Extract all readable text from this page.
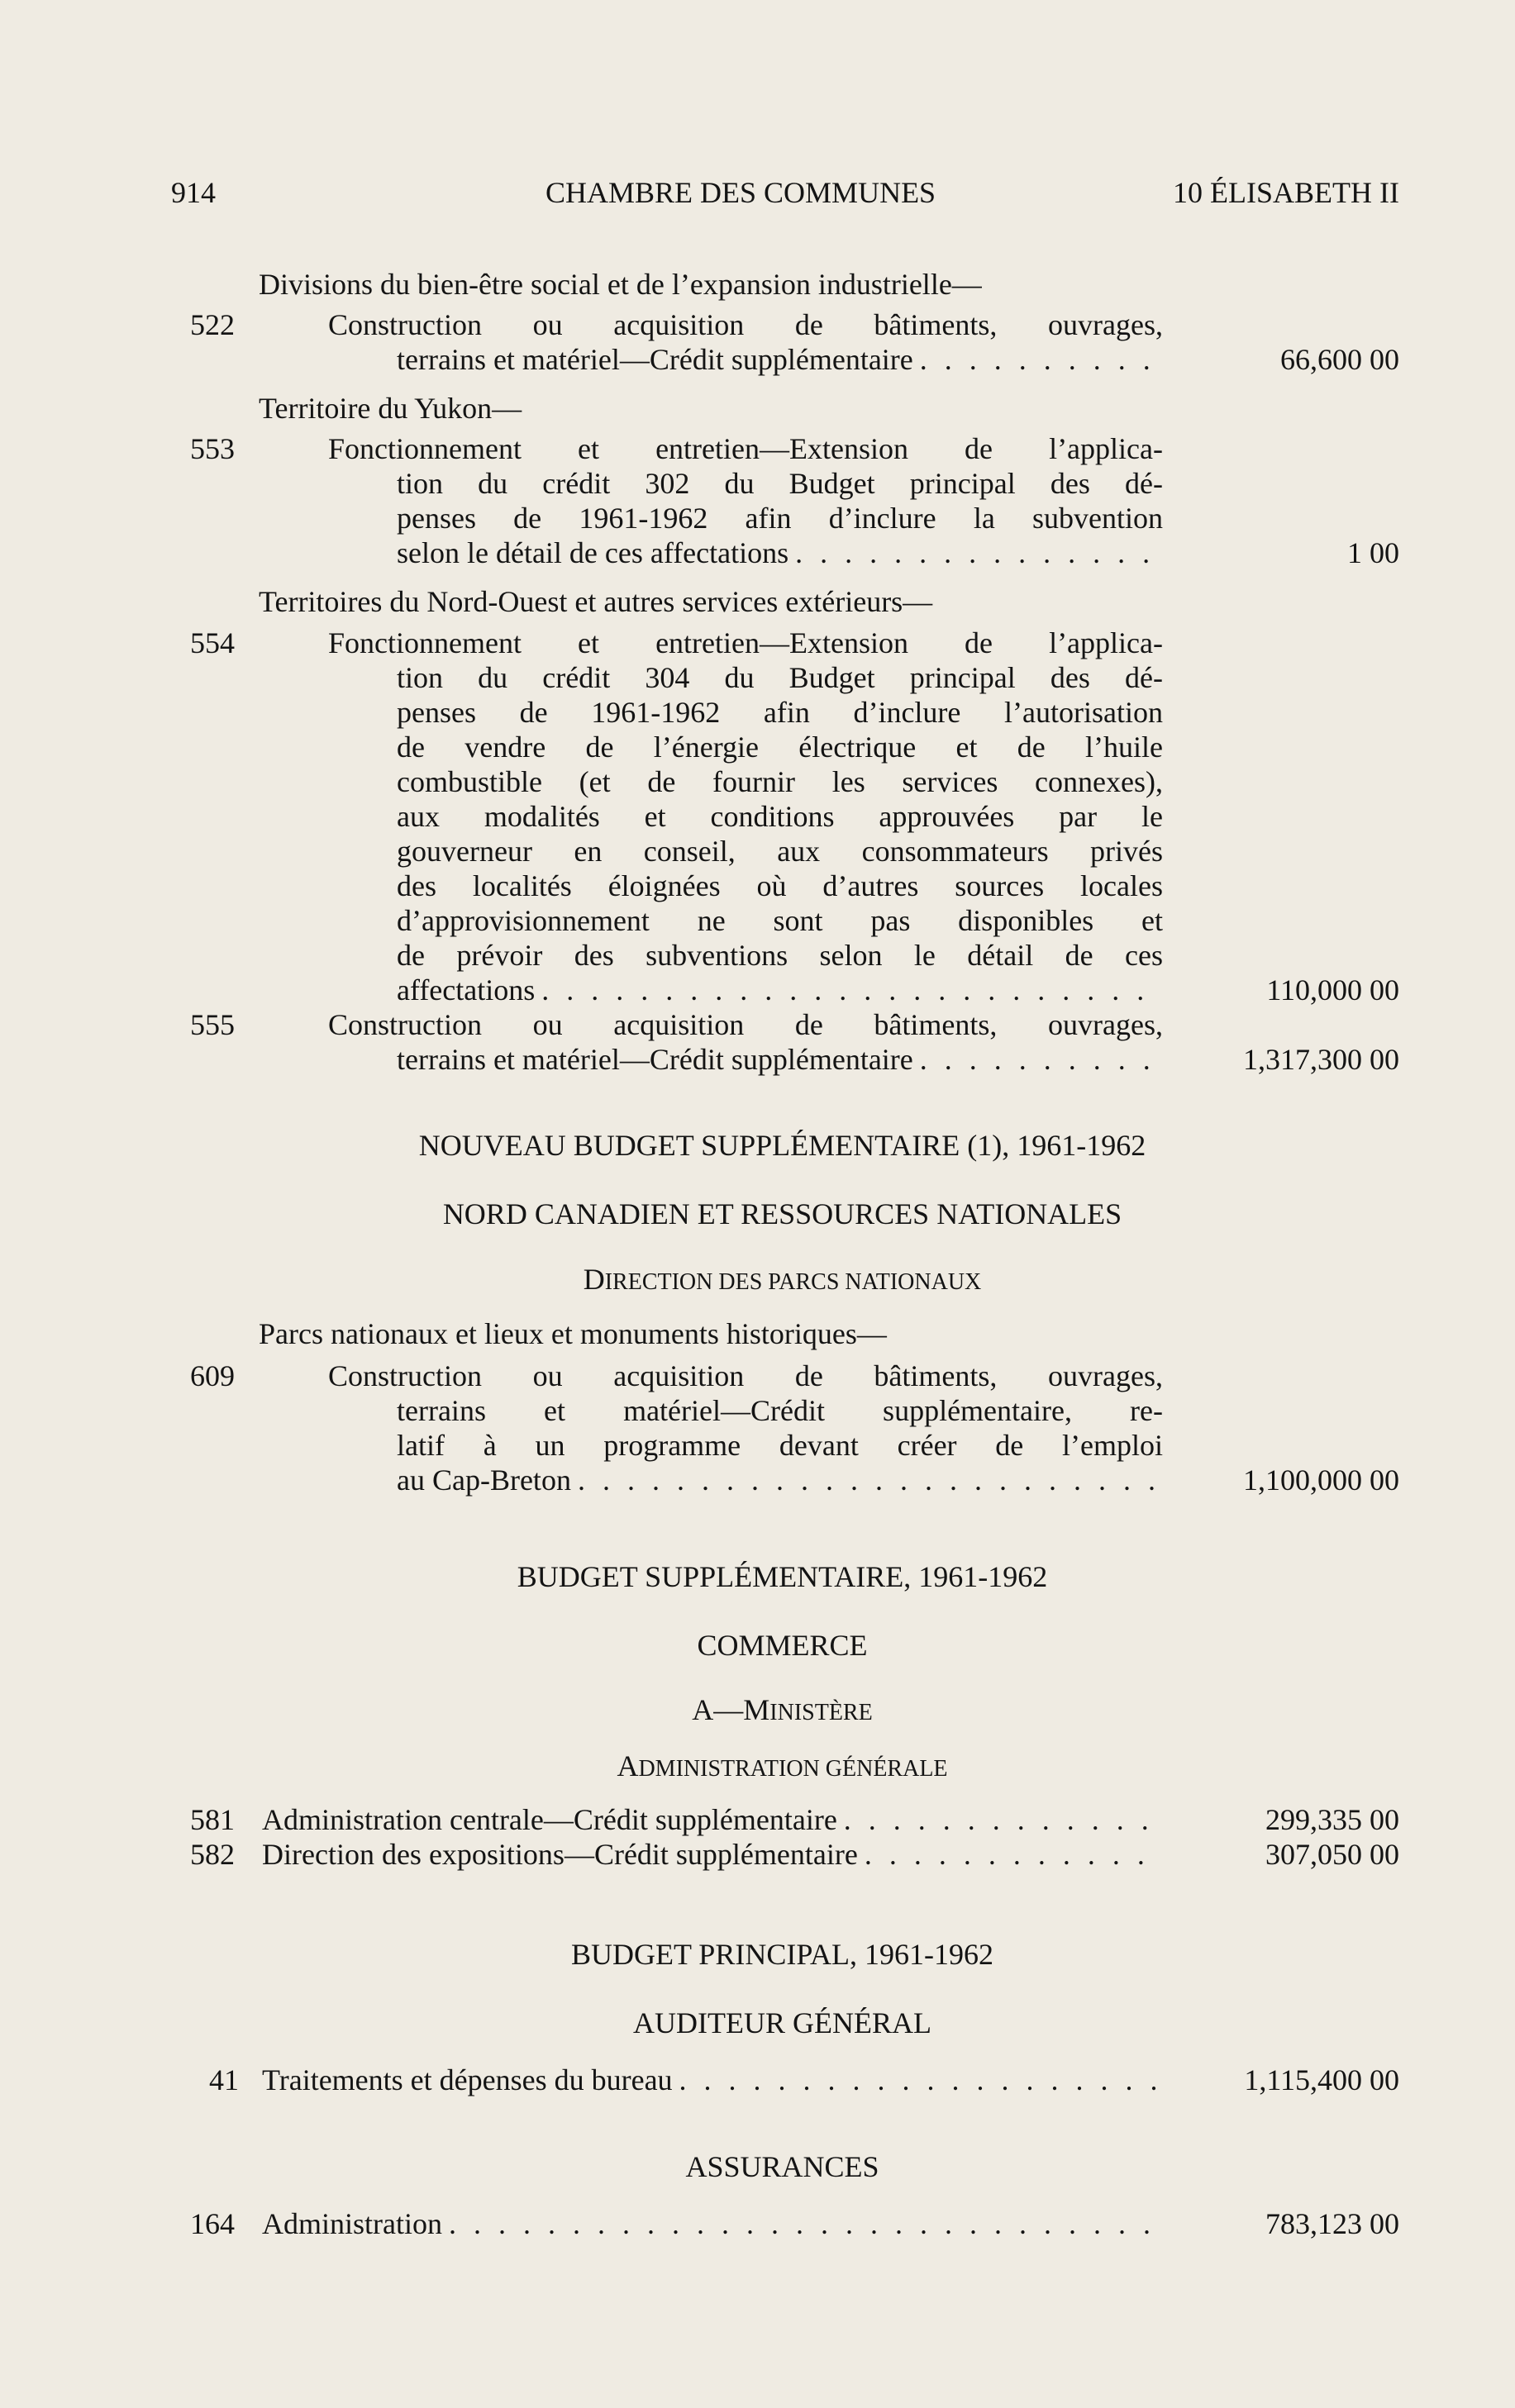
914	CHAMBRE DES COMMUNES	10 ÉLISABETH II
Divisions du bien-être social et de l’expansion industrielle—
522	Construction ou acquisition de bâtiments, ouvrages,
terrains et matériel—Crédit supplémentaire . . .	66,600 00
Territoire du Yukon—
553	Fonctionnement et entretien—Extension de l’applica-
tion du crédit 302 du Budget principal des dé-
penses de 1961-1962 afin d’inclure la subvention
selon le détail de ces affectations . . .	1 00
Territoires du Nord-Ouest et autres services extérieurs—
554	Fonctionnement et entretien—Extension de l’applica-
tion du crédit 304 du Budget principal des dé-
penses de 1961-1962 afin d’inclure l’autorisation
de vendre de l’énergie électrique et de l’huile
combustible (et de fournir les services connexes),
aux modalités et conditions approuvées par le
gouverneur en conseil, aux consommateurs privés
des localités éloignées où d’autres sources locales
d’approvisionnement ne sont pas disponibles et
de prévoir des subventions selon le détail de ces
affectations . . .	110,000 00
555	Construction ou acquisition de bâtiments, ouvrages,
terrains et matériel—Crédit supplémentaire . . .	1,317,300 00
NOUVEAU BUDGET SUPPLÉMENTAIRE (1), 1961-1962
NORD CANADIEN ET RESSOURCES NATIONALES
DIRECTION DES PARCS NATIONAUX
Parcs nationaux et lieux et monuments historiques—
609	Construction ou acquisition de bâtiments, ouvrages,
terrains et matériel—Crédit supplémentaire, re-
latif à un programme devant créer de l’emploi
au Cap-Breton . . .	1,100,000 00
BUDGET SUPPLÉMENTAIRE, 1961-1962
COMMERCE
A—MINISTÈRE
ADMINISTRATION GÉNÉRALE
581 Administration centrale—Crédit supplémentaire . . .	299,335 00
582 Direction des expositions—Crédit supplémentaire . . .	307,050 00
BUDGET PRINCIPAL, 1961-1962
AUDITEUR GÉNÉRAL
41 Traitements et dépenses du bureau . . .	1,115,400 00
ASSURANCES
164 Administration . . .	783,123 00
